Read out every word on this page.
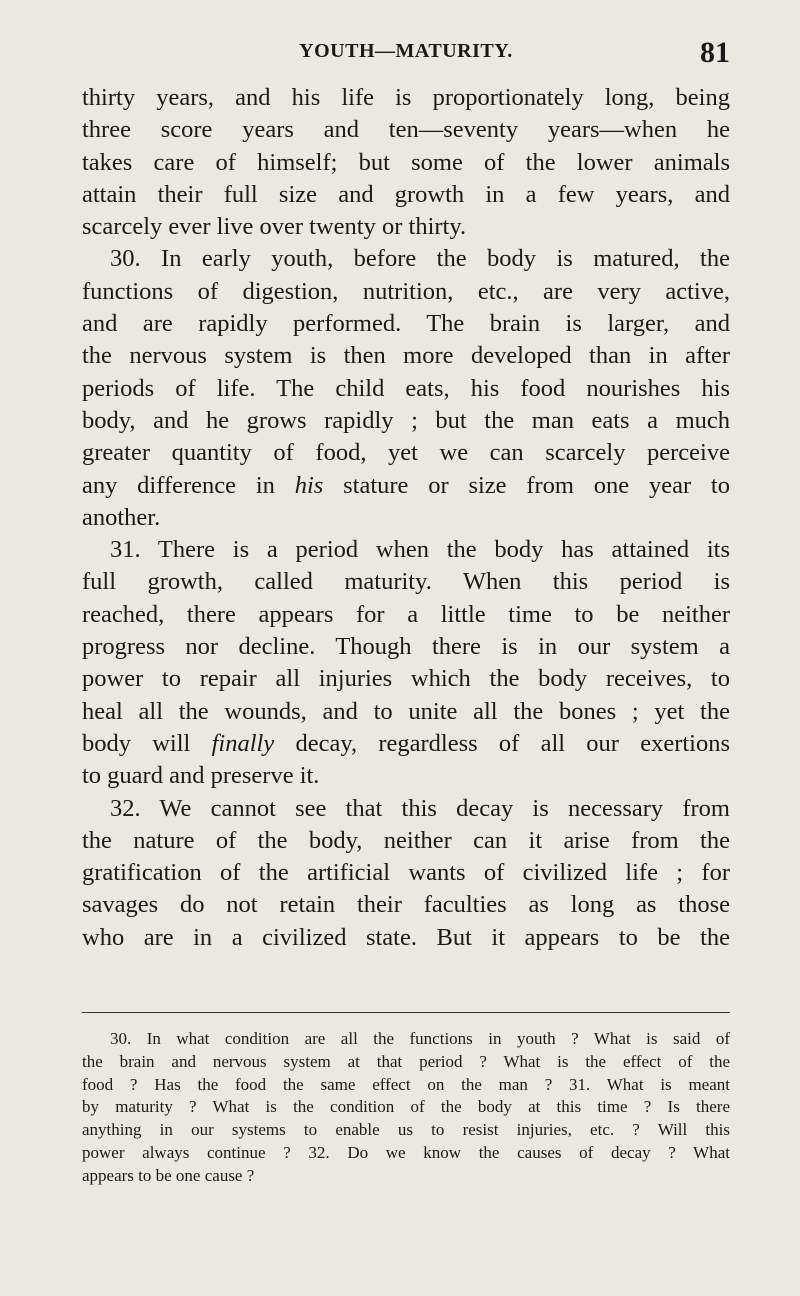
YOUTH—MATURITY.	81
thirty years, and his life is proportionately long, being
three score years and ten—seventy years—when he
takes care of himself; but some of the lower animals
attain their full size and growth in a few years, and
scarcely ever live over twenty or thirty.
30. In early youth, before the body is matured, the
functions of digestion, nutrition, etc., are very active,
and are rapidly performed. The brain is larger, and
the nervous system is then more developed than in after
periods of life. The child eats, his food nourishes his
body, and he grows rapidly ; but the man eats a much
greater quantity of food, yet we can scarcely perceive
any difference in his stature or size from one year to
another.
31. There is a period when the body has attained its
full growth, called maturity. When this period is
reached, there appears for a little time to be neither
progress nor decline. Though there is in our system a
power to repair all injuries which the body receives, to
heal all the wounds, and to unite all the bones ; yet the
body will finally decay, regardless of all our exertions
to guard and preserve it.
32. We cannot see that this decay is necessary from
the nature of the body, neither can it arise from the
gratification of the artificial wants of civilized life ; for
savages do not retain their faculties as long as those
who are in a civilized state. But it appears to be the
30. In what condition are all the functions in youth ? What is said of
the brain and nervous system at that period ? What is the effect of the
food ? Has the food the same effect on the man ? 31. What is meant
by maturity ? What is the condition of the body at this time ? Is there
anything in our systems to enable us to resist injuries, etc. ? Will this
power always continue ? 32. Do we know the causes of decay ? What
appears to be one cause ?
